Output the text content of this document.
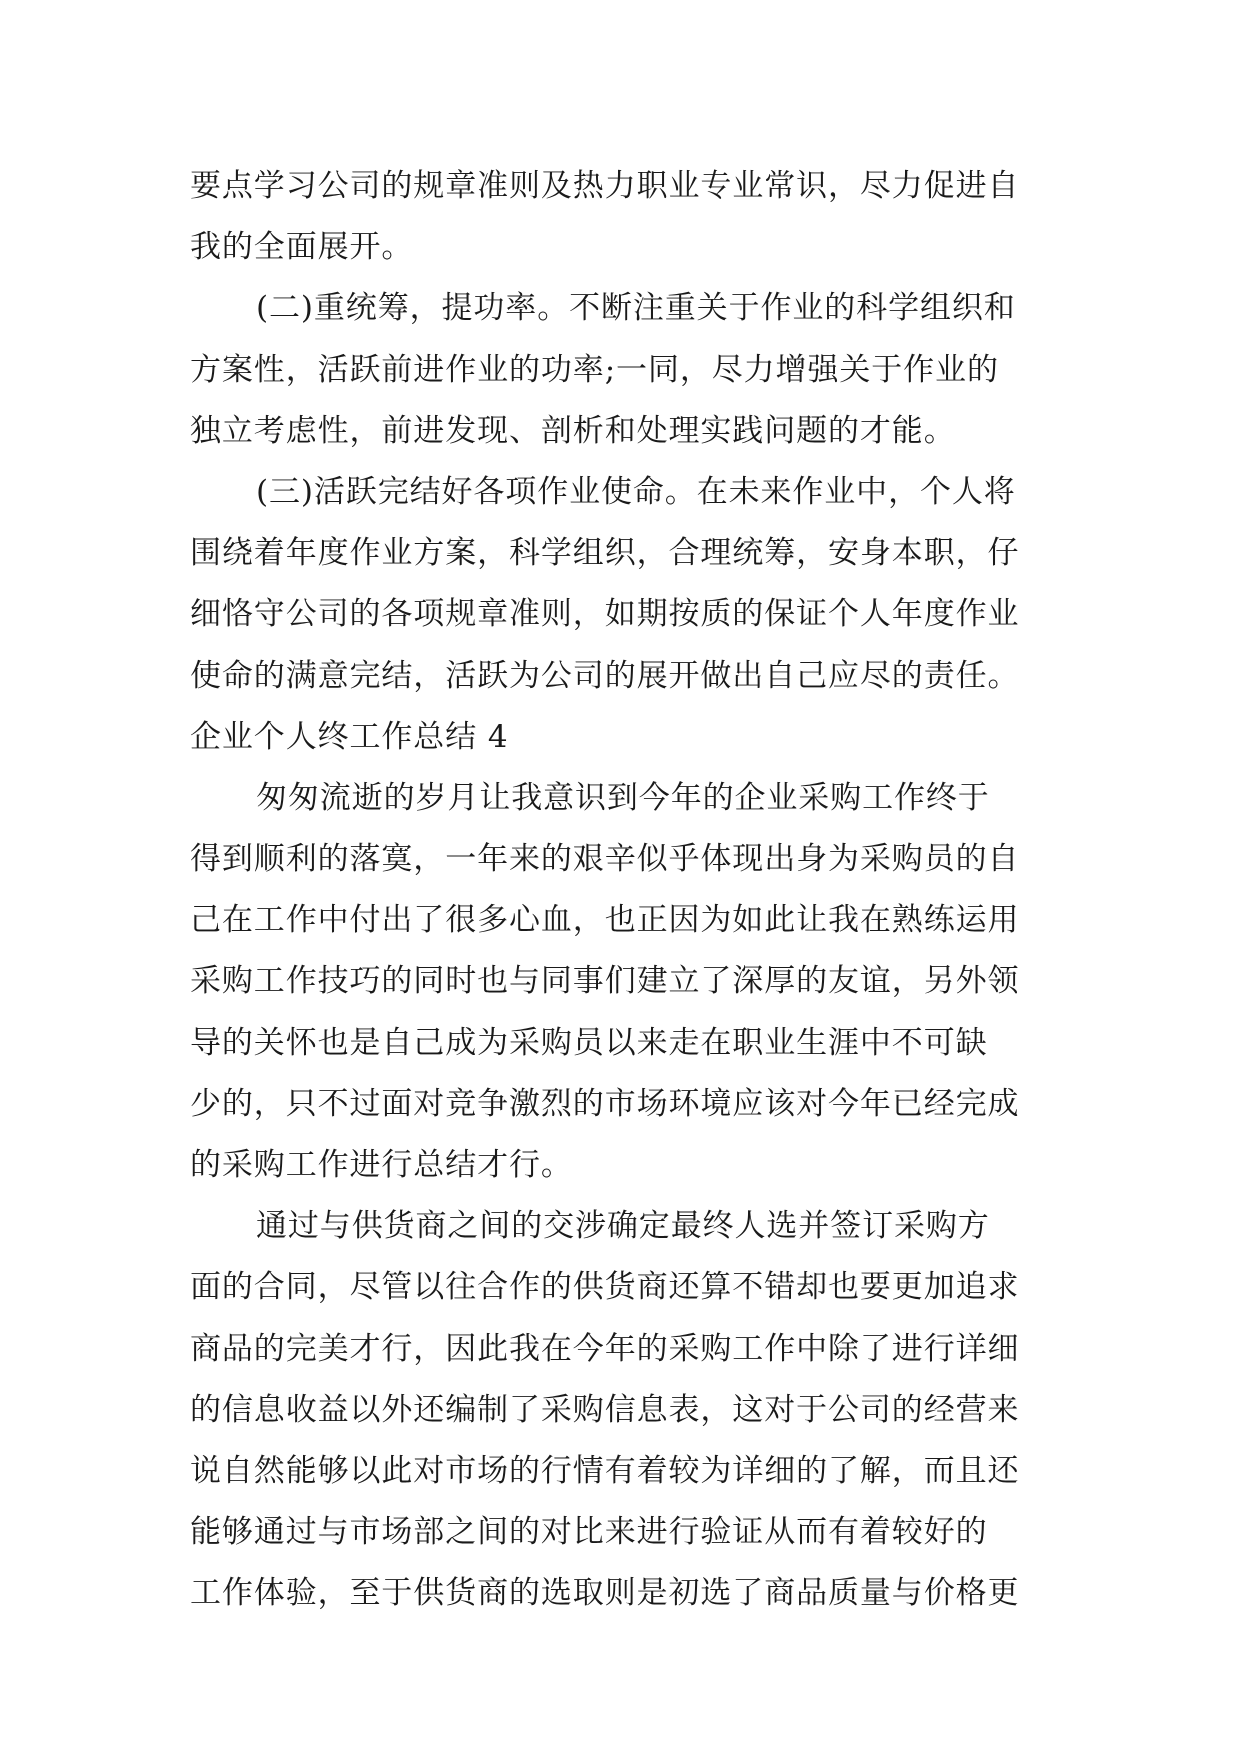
要点学习公司的规章准则及热力职业专业常识，尽力促进自
我的全面展开。
(二)重统筹，提功率。不断注重关于作业的科学组织和
方案性，活跃前进作业的功率;一同，尽力增强关于作业的
独立考虑性，前进发现、剖析和处理实践问题的才能。
(三)活跃完结好各项作业使命。在未来作业中，个人将
围绕着年度作业方案，科学组织，合理统筹，安身本职，仔
细恪守公司的各项规章准则，如期按质的保证个人年度作业
使命的满意完结，活跃为公司的展开做出自己应尽的责任。
企业个人终工作总结 4
匆匆流逝的岁月让我意识到今年的企业采购工作终于
得到顺利的落寞，一年来的艰辛似乎体现出身为采购员的自
己在工作中付出了很多心血，也正因为如此让我在熟练运用
采购工作技巧的同时也与同事们建立了深厚的友谊，另外领
导的关怀也是自己成为采购员以来走在职业生涯中不可缺
少的，只不过面对竞争激烈的市场环境应该对今年已经完成
的采购工作进行总结才行。
通过与供货商之间的交涉确定最终人选并签订采购方
面的合同，尽管以往合作的供货商还算不错却也要更加追求
商品的完美才行，因此我在今年的采购工作中除了进行详细
的信息收益以外还编制了采购信息表，这对于公司的经营来
说自然能够以此对市场的行情有着较为详细的了解，而且还
能够通过与市场部之间的对比来进行验证从而有着较好的
工作体验，至于供货商的选取则是初选了商品质量与价格更
